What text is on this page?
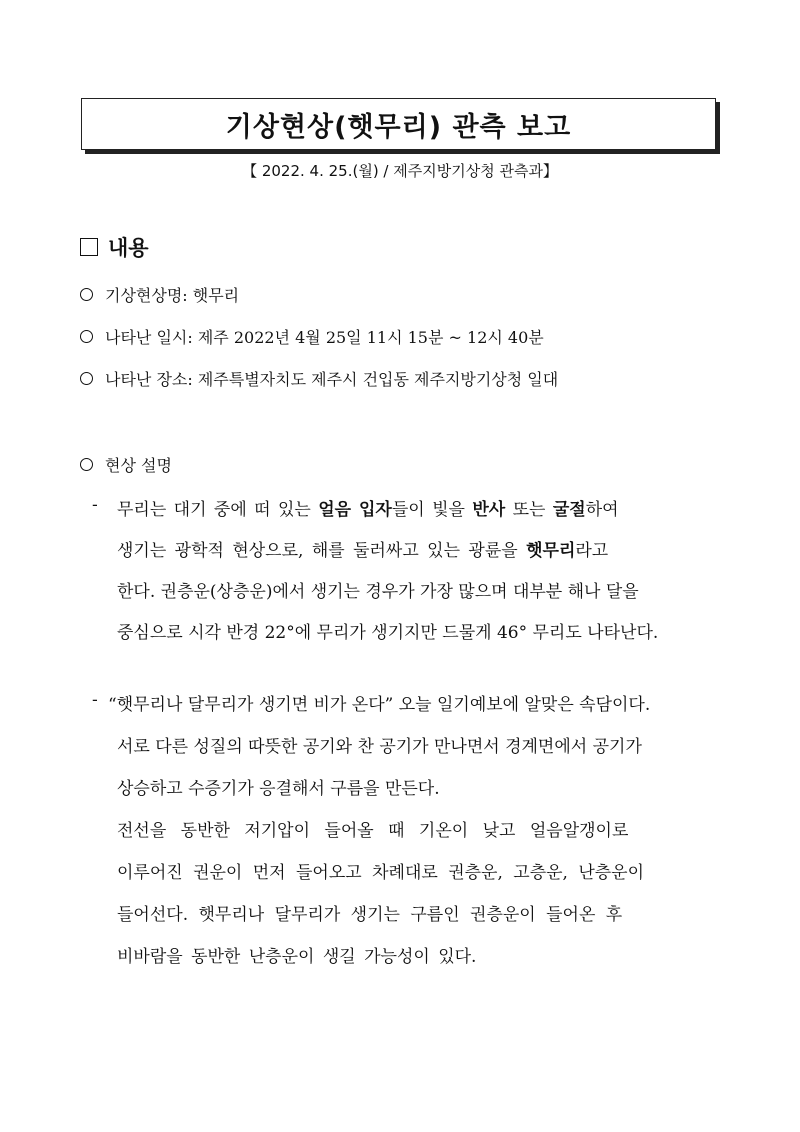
기상현상(햇무리) 관측 보고
【 2022. 4. 25.(월) / 제주지방기상청 관측과】
내용
기상현상명: 햇무리
나타난 일시: 제주 2022년 4월 25일 11시 15분 ~ 12시 40분
나타난 장소: 제주특별자치도 제주시 건입동 제주지방기상청 일대
현상 설명
- 무리는 대기 중에 떠 있는 얼음 입자들이 빛을 반사 또는 굴절하여
생기는 광학적 현상으로, 해를 둘러싸고 있는 광륜을 햇무리라고
한다. 권층운(상층운)에서 생기는 경우가 가장 많으며 대부분 해나 달을
중심으로 시각 반경 22°에 무리가 생기지만 드물게 46° 무리도 나타난다.
- “햇무리나 달무리가 생기면 비가 온다” 오늘 일기예보에 알맞은 속담이다.
서로 다른 성질의 따뜻한 공기와 찬 공기가 만나면서 경계면에서 공기가
상승하고 수증기가 응결해서 구름을 만든다.
전선을 동반한 저기압이 들어올 때 기온이 낮고 얼음알갱이로
이루어진 권운이 먼저 들어오고 차례대로 권층운, 고층운, 난층운이
들어선다. 햇무리나 달무리가 생기는 구름인 권층운이 들어온 후
비바람을 동반한 난층운이 생길 가능성이 있다.
